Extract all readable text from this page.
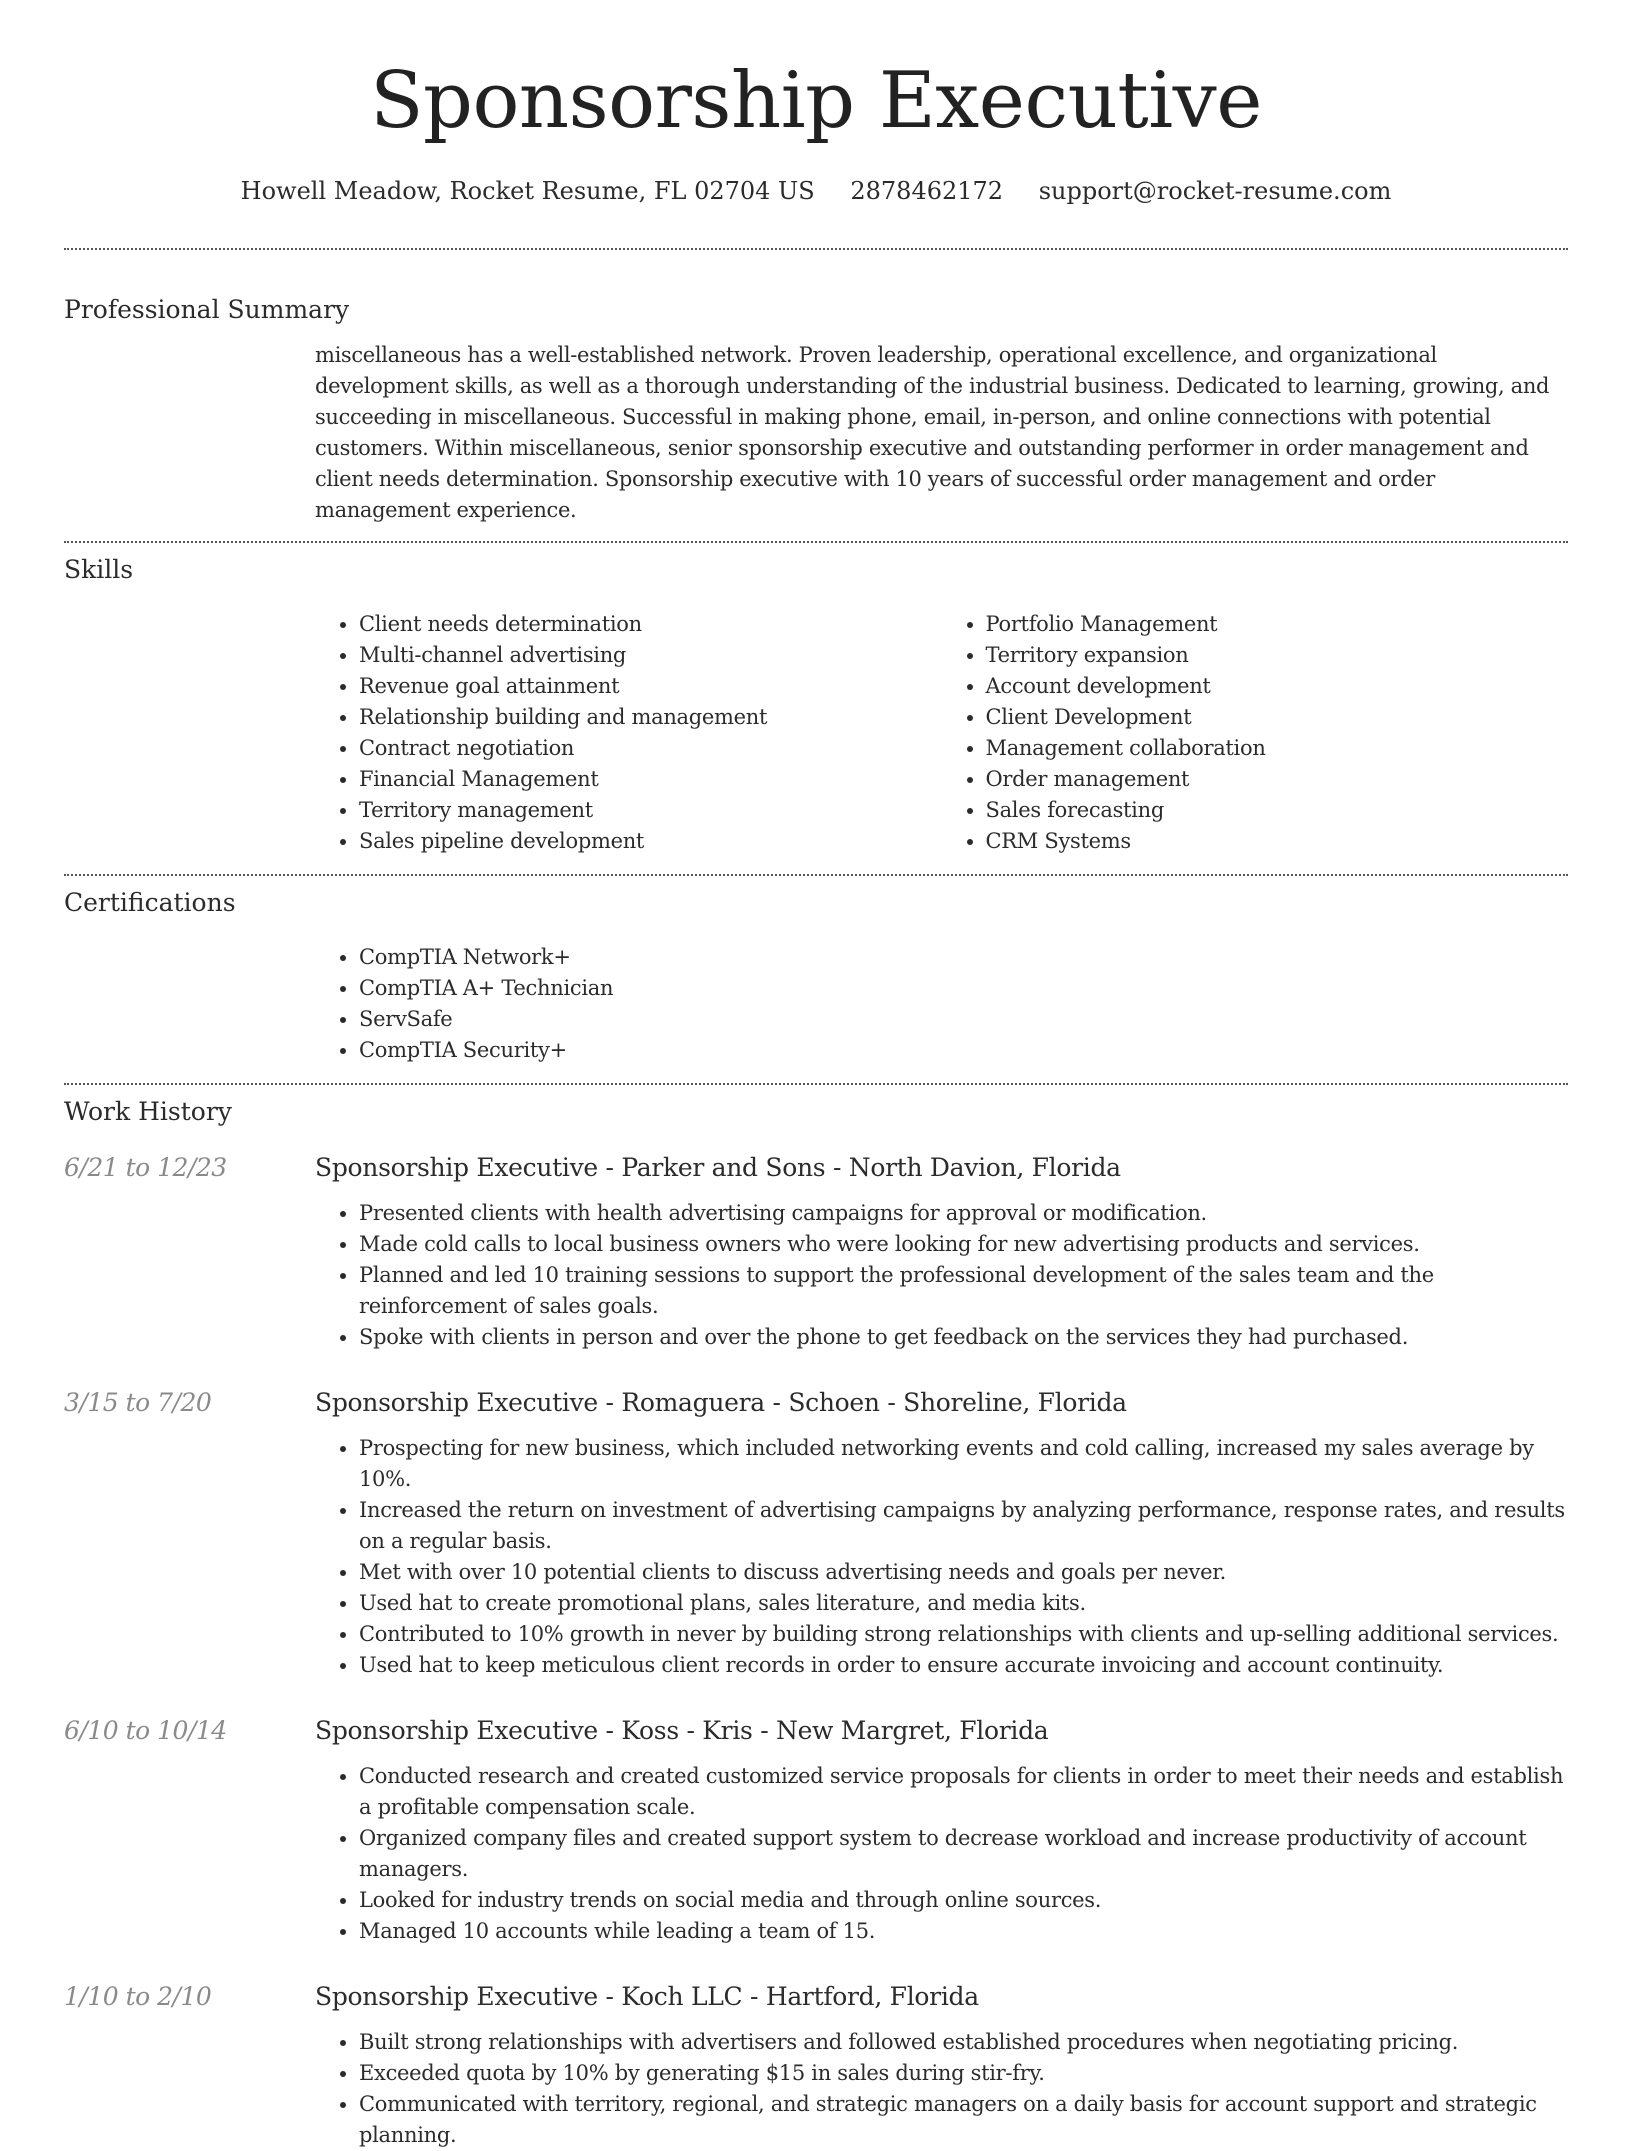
Sponsorship Executive
Howell Meadow, Rocket Resume, FL 02704 US 2878462172 support@rocket-resume.com
Professional Summary

miscellaneous has a well-established network. Proven leadership, operational excellence, and organizational development skills, as well as a thorough understanding of the industrial business. Dedicated to learning, growing, and succeeding in miscellaneous. Successful in making phone, email, in-person, and online connections with potential customers. Within miscellaneous, senior sponsorship executive and outstanding performer in order management and client needs determination. Sponsorship executive with 10 years of successful order management and order management experience.

Skills
• Client needs determination
• Multi-channel advertising
• Revenue goal attainment
• Relationship building and management
• Contract negotiation
• Financial Management
• Territory management
• Sales pipeline development
• Portfolio Management
• Territory expansion
• Account development
• Client Development
• Management collaboration
• Order management
• Sales forecasting
• CRM Systems
Certifications
• CompTIA Network+
• CompTIA A+ Technician
• ServSafe
• CompTIA Security+
Work History
6/21 to 12/23	Sponsorship Executive - Parker and Sons - North Davion, Florida
• Presented clients with health advertising campaigns for approval or modification.
• Made cold calls to local business owners who were looking for new advertising products and services.
• Planned and led 10 training sessions to support the professional development of the sales team and the reinforcement of sales goals.
• Spoke with clients in person and over the phone to get feedback on the services they had purchased.
3/15 to 7/20	Sponsorship Executive - Romaguera - Schoen - Shoreline, Florida
• Prospecting for new business, which included networking events and cold calling, increased my sales average by 10%.
• Increased the return on investment of advertising campaigns by analyzing performance, response rates, and results on a regular basis.
• Met with over 10 potential clients to discuss advertising needs and goals per never.
• Used hat to create promotional plans, sales literature, and media kits.
• Contributed to 10% growth in never by building strong relationships with clients and up-selling additional services.
• Used hat to keep meticulous client records in order to ensure accurate invoicing and account continuity.
6/10 to 10/14	Sponsorship Executive - Koss - Kris - New Margret, Florida
• Conducted research and created customized service proposals for clients in order to meet their needs and establish a profitable compensation scale.
• Organized company files and created support system to decrease workload and increase productivity of account managers.
• Looked for industry trends on social media and through online sources.
• Managed 10 accounts while leading a team of 15.
1/10 to 2/10	Sponsorship Executive - Koch LLC - Hartford, Florida
• Built strong relationships with advertisers and followed established procedures when negotiating pricing.
• Exceeded quota by 10% by generating $15 in sales during stir-fry.
• Communicated with territory, regional, and strategic managers on a daily basis for account support and strategic planning.
